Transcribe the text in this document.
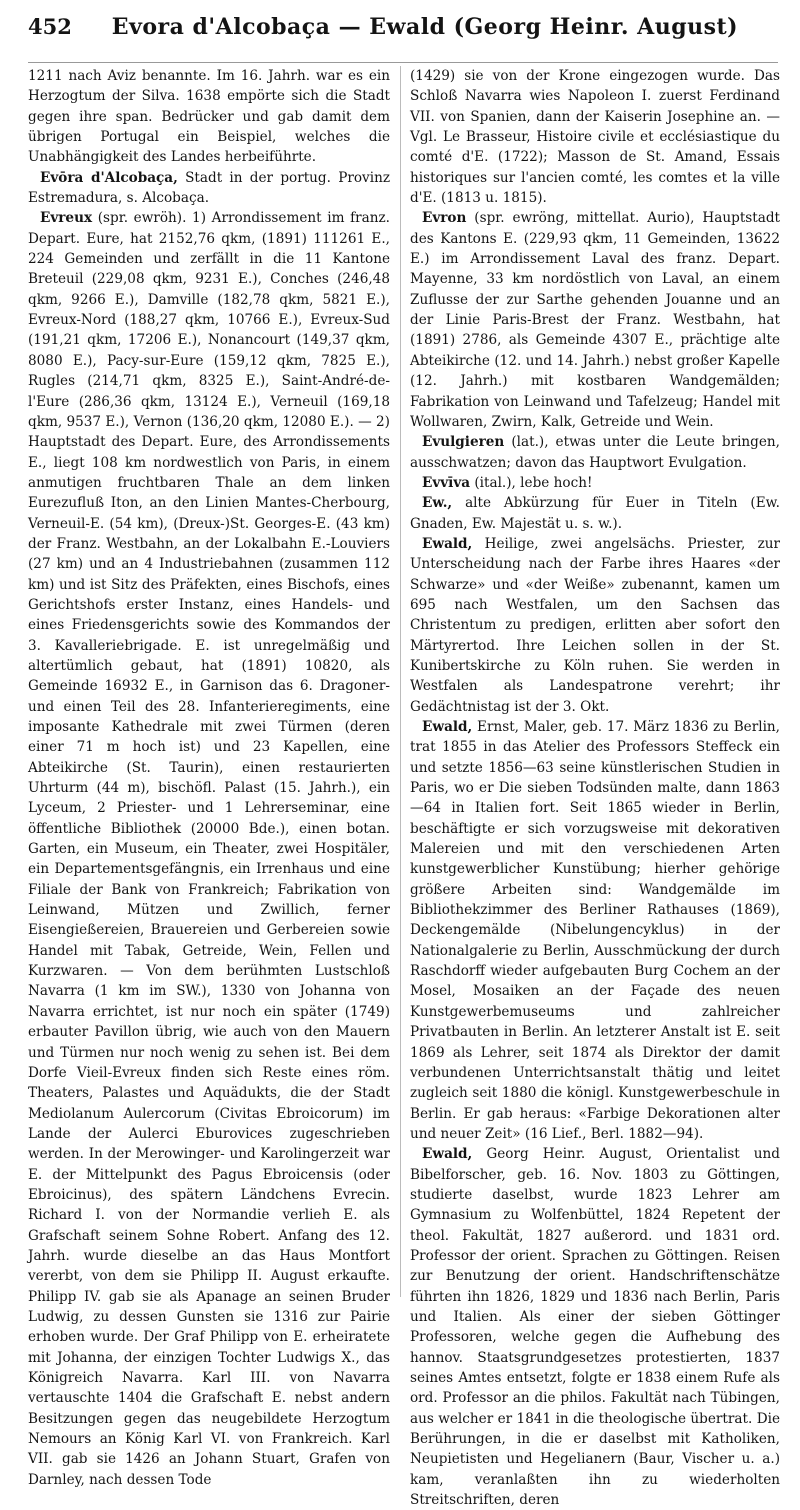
452	Evora d'Alcobaça — Ewald (Georg Heinr. August)

1211 nach Aviz benannte. Im 16. Jahrh. war es ein Herzogtum der Silva. 1638 empörte sich die Stadt gegen ihre span. Bedrücker und gab damit dem übrigen Portugal ein Beispiel, welches die Unabhängigkeit des Landes herbeiführte.

Evōra d'Alcobaça, Stadt in der portug. Provinz Estremadura, s. Alcobaça.

Evreux (spr. ewröh). 1) Arrondissement im franz. Depart. Eure, hat 2152,76 qkm, (1891) 111261 E., 224 Gemeinden und zerfällt in die 11 Kantone Breteuil (229,08 qkm, 9231 E.), Conches (246,48 qkm, 9266 E.), Damville (182,78 qkm, 5821 E.), Evreux-Nord (188,27 qkm, 10766 E.), Evreux-Sud (191,21 qkm, 17206 E.), Nonancourt (149,37 qkm, 8080 E.), Pacy-sur-Eure (159,12 qkm, 7825 E.), Rugles (214,71 qkm, 8325 E.), Saint-André-de-l'Eure (286,36 qkm, 13124 E.), Verneuil (169,18 qkm, 9537 E.), Vernon (136,20 qkm, 12080 E.). — 2) Hauptstadt des Depart. Eure, des Arrondissements E., liegt 108 km nordwestlich von Paris, in einem anmutigen fruchtbaren Thale an dem linken Eurezufluß Iton, an den Linien Mantes-Cherbourg, Verneuil-E. (54 km), (Dreux-)St. Georges-E. (43 km) der Franz. Westbahn, an der Lokalbahn E.-Louviers (27 km) und an 4 Industriebahnen (zusammen 112 km) und ist Sitz des Präfekten, eines Bischofs, eines Gerichtshofs erster Instanz, eines Handels- und eines Friedensgerichts sowie des Kommandos der 3. Kavalleriebrigade. E. ist unregelmäßig und altertümlich gebaut, hat (1891) 10820, als Gemeinde 16932 E., in Garnison das 6. Dragoner- und einen Teil des 28. Infanterieregiments, eine imposante Kathedrale mit zwei Türmen (deren einer 71 m hoch ist) und 23 Kapellen, eine Abteikirche (St. Taurin), einen restaurierten Uhrturm (44 m), bischöfl. Palast (15. Jahrh.), ein Lyceum, 2 Priester- und 1 Lehrerseminar, eine öffentliche Bibliothek (20000 Bde.), einen botan. Garten, ein Museum, ein Theater, zwei Hospitäler, ein Departementsgefängnis, ein Irrenhaus und eine Filiale der Bank von Frankreich; Fabrikation von Leinwand, Mützen und Zwillich, ferner Eisengießereien, Brauereien und Gerbereien sowie Handel mit Tabak, Getreide, Wein, Fellen und Kurzwaren. — Von dem berühmten Lustschloß Navarra (1 km im SW.), 1330 von Johanna von Navarra errichtet, ist nur noch ein später (1749) erbauter Pavillon übrig, wie auch von den Mauern und Türmen nur noch wenig zu sehen ist. Bei dem Dorfe Vieil-Evreux finden sich Reste eines röm. Theaters, Palastes und Aquädukts, die der Stadt Mediolanum Aulercorum (Civitas Ebroicorum) im Lande der Aulerci Eburovices zugeschrieben werden. In der Merowinger- und Karolingerzeit war E. der Mittelpunkt des Pagus Ebroicensis (oder Ebroicinus), des spätern Ländchens Evrecin. Richard I. von der Normandie verlieh E. als Grafschaft seinem Sohne Robert. Anfang des 12. Jahrh. wurde dieselbe an das Haus Montfort vererbt, von dem sie Philipp II. August erkaufte. Philipp IV. gab sie als Apanage an seinen Bruder Ludwig, zu dessen Gunsten sie 1316 zur Pairie erhoben wurde. Der Graf Philipp von E. erheiratete mit Johanna, der einzigen Tochter Ludwigs X., das Königreich Navarra. Karl III. von Navarra vertauschte 1404 die Grafschaft E. nebst andern Besitzungen gegen das neugebildete Herzogtum Nemours an König Karl VI. von Frankreich. Karl VII. gab sie 1426 an Johann Stuart, Grafen von Darnley, nach dessen Tode

(1429) sie von der Krone eingezogen wurde. Das Schloß Navarra wies Napoleon I. zuerst Ferdinand VII. von Spanien, dann der Kaiserin Josephine an. — Vgl. Le Brasseur, Histoire civile et ecclésiastique du comté d'E. (1722); Masson de St. Amand, Essais historiques sur l'ancien comté, les comtes et la ville d'E. (1813 u. 1815).

Evron (spr. ewröng, mittellat. Aurio), Hauptstadt des Kantons E. (229,93 qkm, 11 Gemeinden, 13622 E.) im Arrondissement Laval des franz. Depart. Mayenne, 33 km nordöstlich von Laval, an einem Zuflusse der zur Sarthe gehenden Jouanne und an der Linie Paris-Brest der Franz. Westbahn, hat (1891) 2786, als Gemeinde 4307 E., prächtige alte Abteikirche (12. und 14. Jahrh.) nebst großer Kapelle (12. Jahrh.) mit kostbaren Wandgemälden; Fabrikation von Leinwand und Tafelzeug; Handel mit Wollwaren, Zwirn, Kalk, Getreide und Wein.

Evulgieren (lat.), etwas unter die Leute bringen, ausschwatzen; davon das Hauptwort Evulgation.

Evvīva (ital.), lebe hoch!

Ew., alte Abkürzung für Euer in Titeln (Ew. Gnaden, Ew. Majestät u. s. w.).

Ewald, Heilige, zwei angelsächs. Priester, zur Unterscheidung nach der Farbe ihres Haares «der Schwarze» und «der Weiße» zubenannt, kamen um 695 nach Westfalen, um den Sachsen das Christentum zu predigen, erlitten aber sofort den Märtyrertod. Ihre Leichen sollen in der St. Kunibertskirche zu Köln ruhen. Sie werden in Westfalen als Landespatrone verehrt; ihr Gedächtnistag ist der 3. Okt.

Ewald, Ernst, Maler, geb. 17. März 1836 zu Berlin, trat 1855 in das Atelier des Professors Steffeck ein und setzte 1856—63 seine künstlerischen Studien in Paris, wo er Die sieben Todsünden malte, dann 1863—64 in Italien fort. Seit 1865 wieder in Berlin, beschäftigte er sich vorzugsweise mit dekorativen Malereien und mit den verschiedenen Arten kunstgewerblicher Kunstübung; hierher gehörige größere Arbeiten sind: Wandgemälde im Bibliothekzimmer des Berliner Rathauses (1869), Deckengemälde (Nibelungencyklus) in der Nationalgalerie zu Berlin, Ausschmückung der durch Raschdorff wieder aufgebauten Burg Cochem an der Mosel, Mosaiken an der Façade des neuen Kunstgewerbemuseums und zahlreicher Privatbauten in Berlin. An letzterer Anstalt ist E. seit 1869 als Lehrer, seit 1874 als Direktor der damit verbundenen Unterrichtsanstalt thätig und leitet zugleich seit 1880 die königl. Kunstgewerbeschule in Berlin. Er gab heraus: «Farbige Dekorationen alter und neuer Zeit» (16 Lief., Berl. 1882—94).

Ewald, Georg Heinr. August, Orientalist und Bibelforscher, geb. 16. Nov. 1803 zu Göttingen, studierte daselbst, wurde 1823 Lehrer am Gymnasium zu Wolfenbüttel, 1824 Repetent der theol. Fakultät, 1827 außerord. und 1831 ord. Professor der orient. Sprachen zu Göttingen. Reisen zur Benutzung der orient. Handschriftenschätze führten ihn 1826, 1829 und 1836 nach Berlin, Paris und Italien. Als einer der sieben Göttinger Professoren, welche gegen die Aufhebung des hannov. Staatsgrundgesetzes protestierten, 1837 seines Amtes entsetzt, folgte er 1838 einem Rufe als ord. Professor an die philos. Fakultät nach Tübingen, aus welcher er 1841 in die theologische übertrat. Die Berührungen, in die er daselbst mit Katholiken, Neupietisten und Hegelianern (Baur, Vischer u. a.) kam, veranlaßten ihn zu wiederholten Streitschriften, deren
